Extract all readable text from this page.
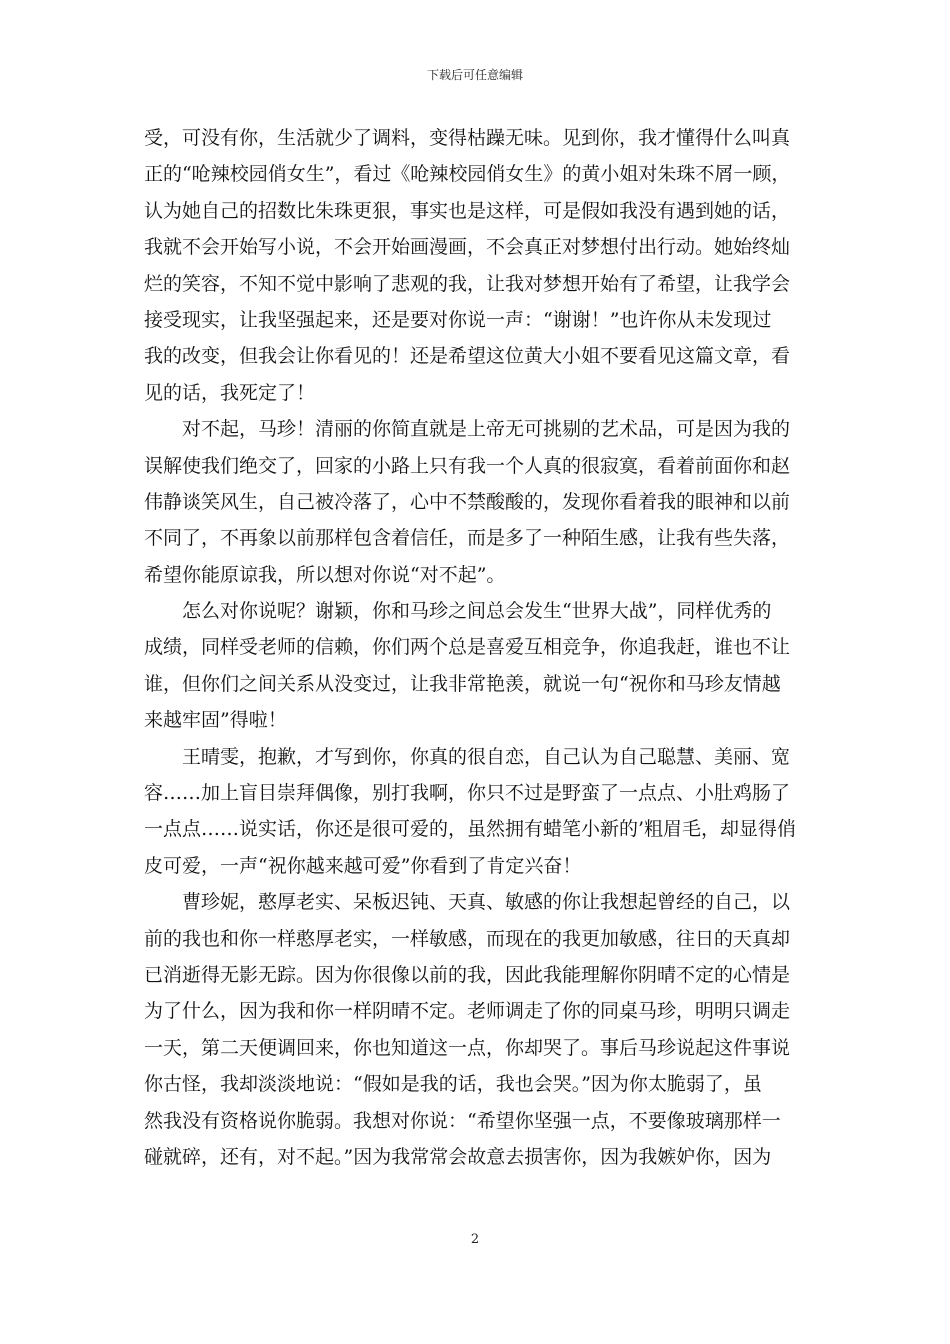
下载后可任意编辑
受，可没有你，生活就少了调料，变得枯躁无味。见到你，我才懂得什么叫真
正的“呛辣校园俏女生”，看过《呛辣校园俏女生》的黄小姐对朱珠不屑一顾，
认为她自己的招数比朱珠更狠，事实也是这样，可是假如我没有遇到她的话，
我就不会开始写小说，不会开始画漫画，不会真正对梦想付出行动。她始终灿
烂的笑容，不知不觉中影响了悲观的我，让我对梦想开始有了希望，让我学会
接受现实，让我坚强起来，还是要对你说一声：“谢谢！”也许你从未发现过
我的改变，但我会让你看见的！还是希望这位黄大小姐不要看见这篇文章，看
见的话，我死定了！
对不起，马珍！清丽的你简直就是上帝无可挑剔的艺术品，可是因为我的
误解使我们绝交了，回家的小路上只有我一个人真的很寂寞，看着前面你和赵
伟静谈笑风生，自己被冷落了，心中不禁酸酸的，发现你看着我的眼神和以前
不同了，不再象以前那样包含着信任，而是多了一种陌生感，让我有些失落，
希望你能原谅我，所以想对你说“对不起”。
怎么对你说呢？谢颖，你和马珍之间总会发生“世界大战”，同样优秀的
成绩，同样受老师的信赖，你们两个总是喜爱互相竞争，你追我赶，谁也不让
谁，但你们之间关系从没变过，让我非常艳羡，就说一句“祝你和马珍友情越
来越牢固”得啦！
王晴雯，抱歉，才写到你，你真的很自恋，自己认为自己聪慧、美丽、宽
容……加上盲目崇拜偶像，别打我啊，你只不过是野蛮了一点点、小肚鸡肠了
一点点……说实话，你还是很可爱的，虽然拥有蜡笔小新的’粗眉毛，却显得俏
皮可爱，一声“祝你越来越可爱”你看到了肯定兴奋！
曹珍妮，憨厚老实、呆板迟钝、天真、敏感的你让我想起曾经的自己，以
前的我也和你一样憨厚老实，一样敏感，而现在的我更加敏感，往日的天真却
已消逝得无影无踪。因为你很像以前的我，因此我能理解你阴晴不定的心情是
为了什么，因为我和你一样阴晴不定。老师调走了你的同桌马珍，明明只调走
一天，第二天便调回来，你也知道这一点，你却哭了。事后马珍说起这件事说
你古怪，我却淡淡地说：“假如是我的话，我也会哭。”因为你太脆弱了，虽
然我没有资格说你脆弱。我想对你说：“希望你坚强一点，不要像玻璃那样一
碰就碎，还有，对不起。”因为我常常会故意去损害你，因为我嫉妒你，因为
2
